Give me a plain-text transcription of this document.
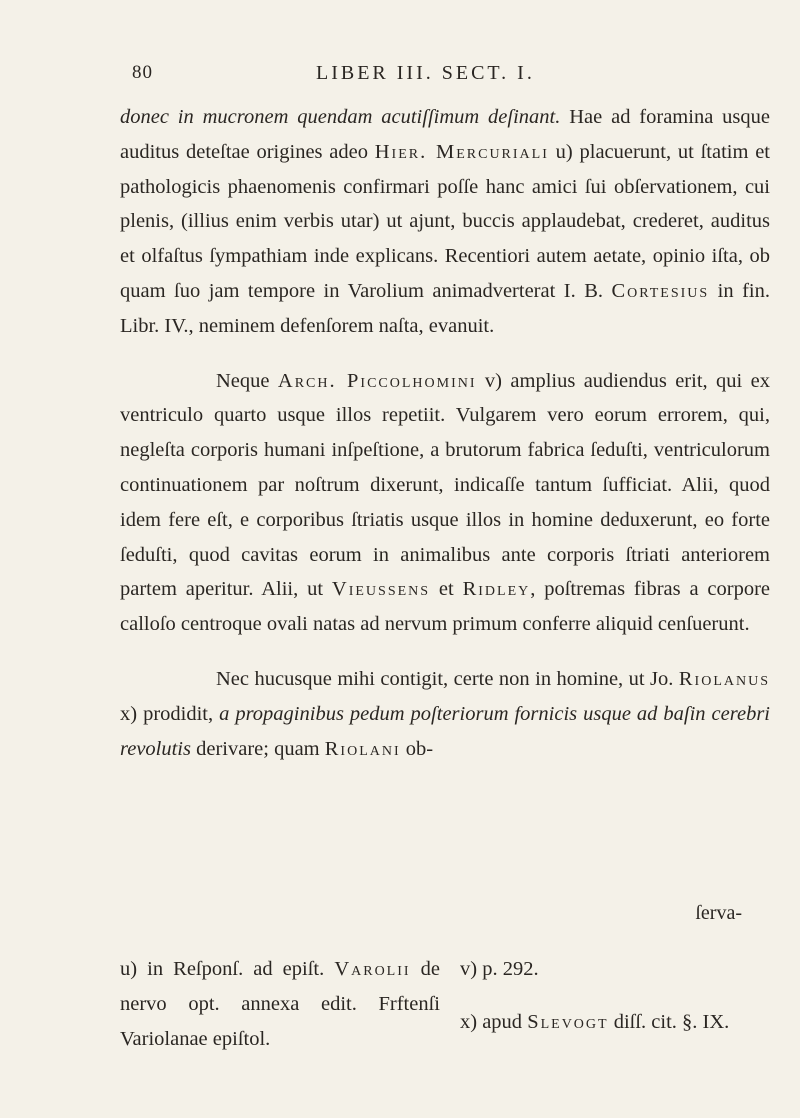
80	LIBER III. SECT. I.

donec in mucronem quendam acutiſſimum deſinant. Hae ad foramina usque auditus deteſtae origines adeo Hier. Mercuriali u) placuerunt, ut ſtatim et pathologicis phaenomenis confirmari poſſe hanc amici ſui obſervationem, cui plenis, (illius enim verbis utar) ut ajunt, buccis applaudebat, crederet, auditus et olfaſtus ſympathiam inde explicans. Recentiori autem aetate, opinio iſta, ob quam ſuo jam tempore in Varolium animadverterat I. B. Cortesius in fin. Libr. IV., neminem defenſorem naſta, evanuit.

Neque Arch. Piccolhomini v) amplius audiendus erit, qui ex ventriculo quarto usque illos repetiit. Vulgarem vero eorum errorem, qui, negleſta corporis humani inſpeſtione, a brutorum fabrica ſeduſti, ventriculorum continuationem par noſtrum dixerunt, indicaſſe tantum ſufficiat. Alii, quod idem fere eſt, e corporibus ſtriatis usque illos in homine deduxerunt, eo forte ſeduſti, quod cavitas eorum in animalibus ante corporis ſtriati anteriorem partem aperitur. Alii, ut Vieussens et Ridley, poſtremas fibras a corpore calloſo centroque ovali natas ad nervum primum conferre aliquid cenſuerunt.

Nec hucusque mihi contigit, certe non in homine, ut Jo. Riolanus x) prodidit, a propaginibus pedum poſteriorum fornicis usque ad baſin cerebri revolutis derivare; quam Riolani ob-

ſerva-

u) in Reſponſ. ad epiſt. Varolii de nervo opt. annexa edit. Frftenſi Variolanae epiſtol.

v) p. 292.

x) apud Slevogt diſſ. cit. §. IX.
